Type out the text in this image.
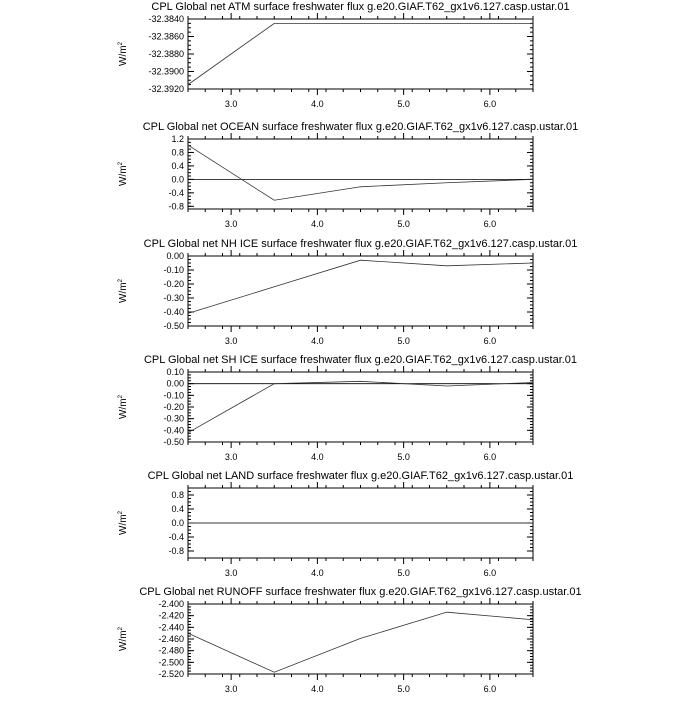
CPL Global net ATM surface freshwater flux g.e20.GIAF.T62_gx1v6.127.casp.ustar.01
$W/m^2$
3.0	4.0	5.0	6.0
-32.3840
-32.3860
-32.3880
-32.3900
-32.3920
CPL Global net OCEAN surface freshwater flux g.e20.GIAF.T62_gx1v6.127.casp.ustar.01
$W/m^2$
3.0	4.0	5.0	6.0
1.2
0.8
0.4
0.0
-0.4
-0.8
CPL Global net NH ICE surface freshwater flux g.e20.GIAF.T62_gx1v6.127.casp.ustar.01
$W/m^2$
3.0	4.0	5.0	6.0
0.00
-0.10
-0.20
-0.30
-0.40
-0.50
CPL Global net SH ICE surface freshwater flux g.e20.GIAF.T62_gx1v6.127.casp.ustar.01
$W/m^2$
3.0	4.0	5.0	6.0
0.10
0.00
-0.10
-0.20
-0.30
-0.40
-0.50
CPL Global net LAND surface freshwater flux g.e20.GIAF.T62_gx1v6.127.casp.ustar.01
$W/m^2$
3.0	4.0	5.0	6.0
0.8
0.4
0.0
-0.4
-0.8
CPL Global net RUNOFF surface freshwater flux g.e20.GIAF.T62_gx1v6.127.casp.ustar.01
$W/m^2$
3.0	4.0	5.0	6.0
-2.400
-2.420
-2.440
-2.460
-2.480
-2.500
-2.520
